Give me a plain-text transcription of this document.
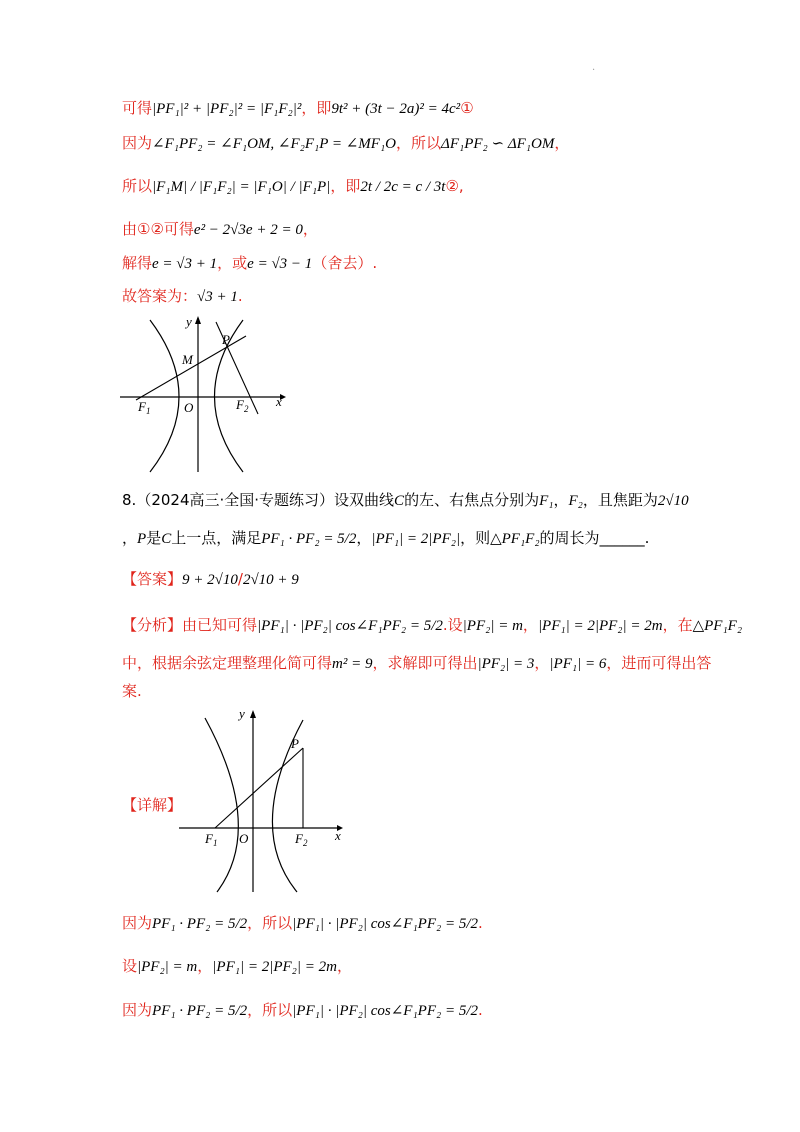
.
可得|PF₁|² + |PF₂|² = |F₁F₂|²，即9t² + (3t − 2a)² = 4c²①
因为∠F₁PF₂ = ∠F₁OM, ∠F₂F₁P = ∠MF₁O，所以ΔF₁PF₂ ∽ ΔF₁OM，
所以|F₁M| / |F₁F₂| = |F₁O| / |F₁P|，即2t / 2c = c / 3t②,
由①②可得e² − 2√3e + 2 = 0，
解得e = √3 + 1，或e = √3 − 1（舍去）.
故答案为：√3 + 1.
y
P
M
$F_1$	O	$F_2$ x
8.（2024高三·全国·专题练习）设双曲线C的左、右焦点分别为F₁，F₂，且焦距为2√10
，P是C上一点，满足PF₁ · PF₂ = 5/2，|PF₁| = 2|PF₂|，则△PF₁F₂的周长为______.
【答案】9 + 2√10/2√10 + 9
【分析】由已知可得|PF₁| · |PF₂| cos∠F₁PF₂ = 5/2.设|PF₂| = m，|PF₁| = 2|PF₂| = 2m，在△PF₁F₂
中，根据余弦定理整理化简可得m² = 9，求解即可得出|PF₂| = 3，|PF₁| = 6，进而可得出答
案.
【详解】
y
P
$F_1$ O	$F_2$ x
因为PF₁ · PF₂ = 5/2，所以|PF₁| · |PF₂| cos∠F₁PF₂ = 5/2.
设|PF₂| = m，|PF₁| = 2|PF₂| = 2m，
因为PF₁ · PF₂ = 5/2，所以|PF₁| · |PF₂| cos∠F₁PF₂ = 5/2.
